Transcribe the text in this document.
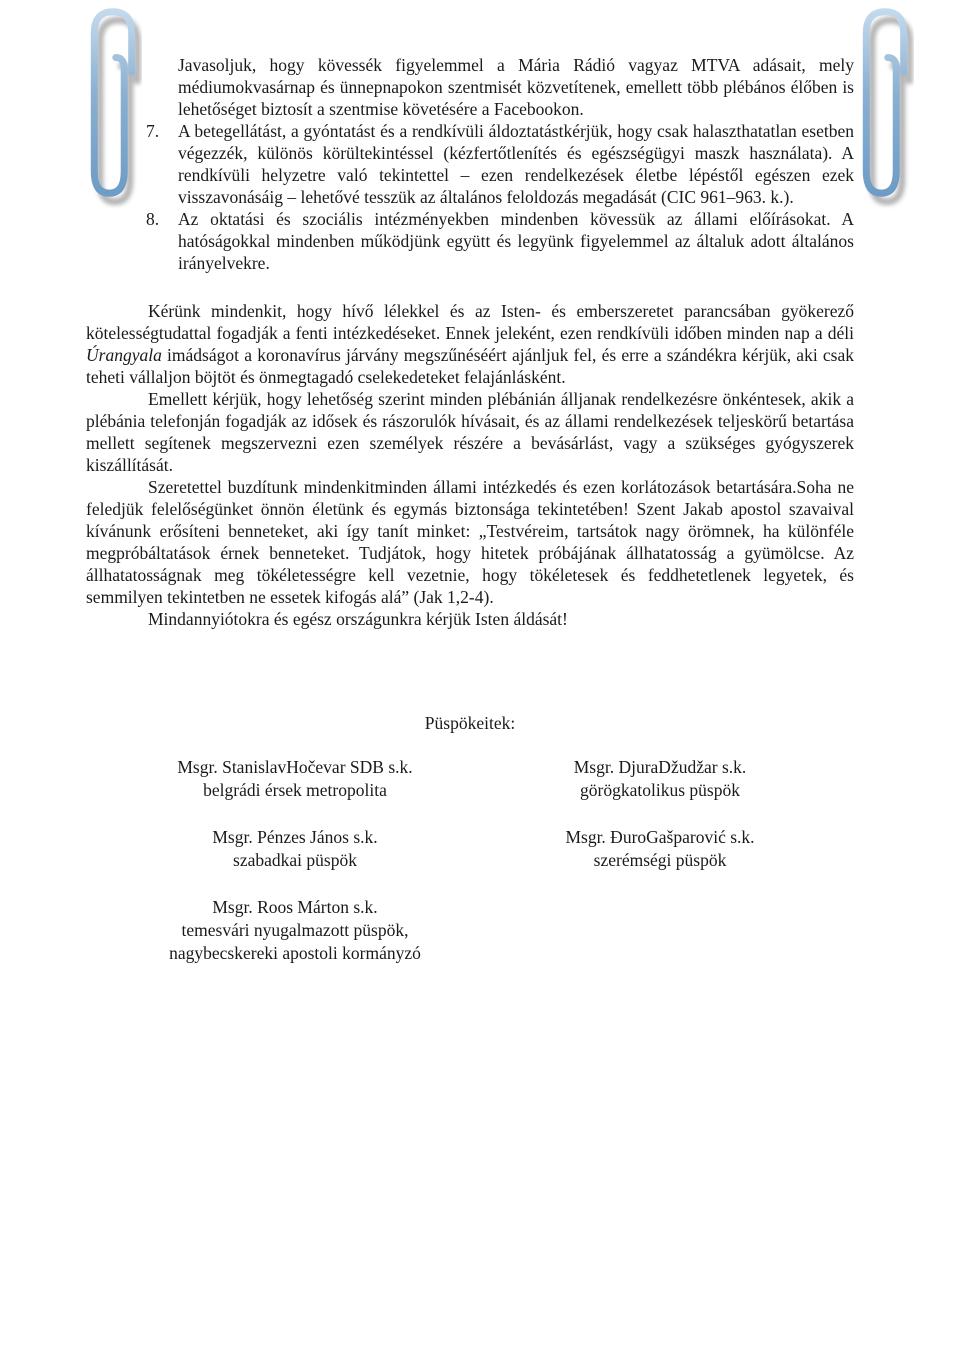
Javasoljuk, hogy kövessék figyelemmel a Mária Rádió vagyaz MTVA adásait, mely médiumokvasárnap és ünnepnapokon szentmisét közvetítenek, emellett több plébános élőben is lehetőséget biztosít a szentmise követésére a Facebookon.

7. A betegellátást, a gyóntatást és a rendkívüli áldoztatástkérjük, hogy csak halaszthatatlan esetben végezzék, különös körültekintéssel (kézfertőtlenítés és egészségügyi maszk használata). A rendkívüli helyzetre való tekintettel – ezen rendelkezések életbe lépéstől egészen ezek visszavonásáig – lehetővé tesszük az általános feloldozás megadását (CIC 961–963. k.).
8. Az oktatási és szociális intézményekben mindenben kövessük az állami előírásokat. A hatóságokkal mindenben működjünk együtt és legyünk figyelemmel az általuk adott általános irányelvekre.

Kérünk mindenkit, hogy hívő lélekkel és az Isten- és emberszeretet parancsában gyökerező kötelességtudattal fogadják a fenti intézkedéseket. Ennek jeleként, ezen rendkívüli időben minden nap a déli Úrangyala imádságot a koronavírus járvány megszűnéséért ajánljuk fel, és erre a szándékra kérjük, aki csak teheti vállaljon böjtöt és önmegtagadó cselekedeteket felajánlásként.

Emellett kérjük, hogy lehetőség szerint minden plébánián álljanak rendelkezésre önkéntesek, akik a plébánia telefonján fogadják az idősek és rászorulók hívásait, és az állami rendelkezések teljeskörű betartása mellett segítenek megszervezni ezen személyek részére a bevásárlást, vagy a szükséges gyógyszerek kiszállítását.

Szeretettel buzdítunk mindenkitminden állami intézkedés és ezen korlátozások betartására.Soha ne feledjük felelőségünket önnön életünk és egymás biztonsága tekintetében! Szent Jakab apostol szavaival kívánunk erősíteni benneteket, aki így tanít minket: „Testvéreim, tartsátok nagy örömnek, ha különféle megpróbáltatások érnek benneteket. Tudjátok, hogy hitetek próbájának állhatatosság a gyümölcse. Az állhatatosságnak meg tökéletességre kell vezetnie, hogy tökéletesek és feddhetetlenek legyetek, és semmilyen tekintetben ne essetek kifogás alá” (Jak 1,2-4).

Mindannyiótokra és egész országunkra kérjük Isten áldását!

Püspökeitek:
Msgr. StanislavHočevar SDB s.k.
belgrádi érsek metropolita
Msgr. DjuraDžudžar s.k.
görögkatolikus püspök
Msgr. Pénzes János s.k.
szabadkai püspök
Msgr. ĐuroGašparović s.k.
szerémségi püspök
Msgr. Roos Márton s.k.
temesvári nyugalmazott püspök,
nagybecskereki apostoli kormányzó
